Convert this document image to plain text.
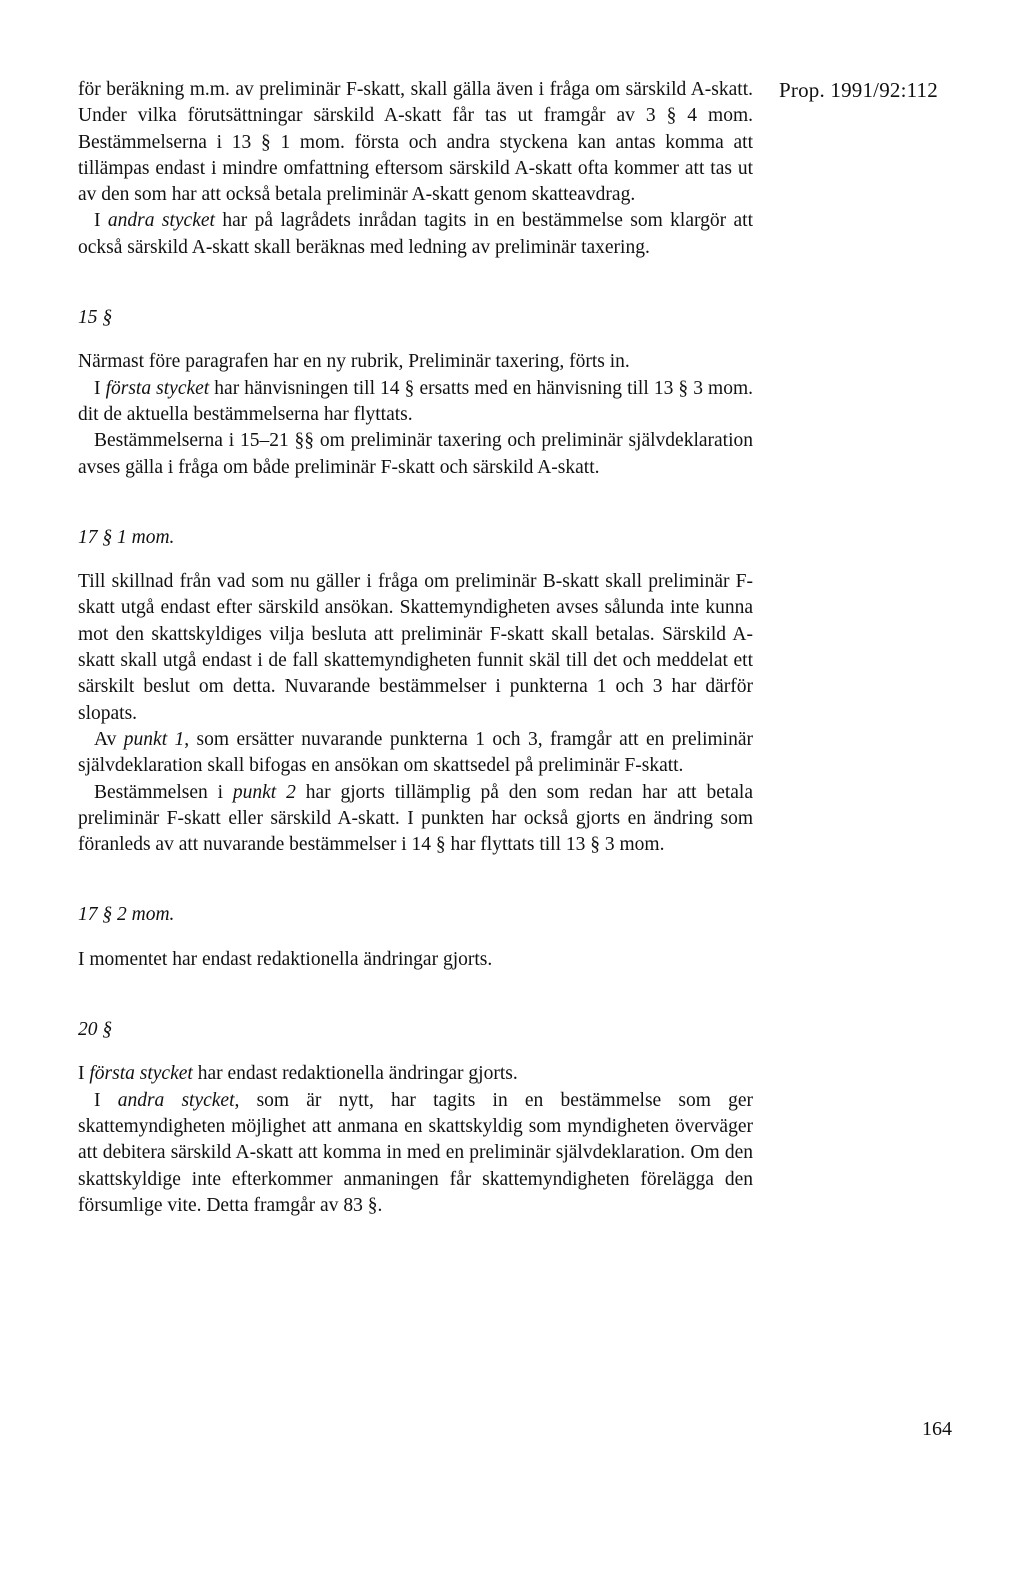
Prop. 1991/92:112

för beräkning m.m. av preliminär F-skatt, skall gälla även i fråga om särskild A-skatt. Under vilka förutsättningar särskild A-skatt får tas ut framgår av 3 § 4 mom. Bestämmelserna i 13 § 1 mom. första och andra styckena kan antas komma att tillämpas endast i mindre omfattning eftersom särskild A-skatt ofta kommer att tas ut av den som har att också betala preliminär A-skatt genom skatteavdrag.

I andra stycket har på lagrådets inrådan tagits in en bestämmelse som klargör att också särskild A-skatt skall beräknas med ledning av preliminär taxering.

15 §

Närmast före paragrafen har en ny rubrik, Preliminär taxering, förts in.

I första stycket har hänvisningen till 14 § ersatts med en hänvisning till 13 § 3 mom. dit de aktuella bestämmelserna har flyttats.

Bestämmelserna i 15–21 §§ om preliminär taxering och preliminär självdeklaration avses gälla i fråga om både preliminär F-skatt och särskild A-skatt.

17 § 1 mom.

Till skillnad från vad som nu gäller i fråga om preliminär B-skatt skall preliminär F-skatt utgå endast efter särskild ansökan. Skattemyndigheten avses sålunda inte kunna mot den skattskyldiges vilja besluta att preliminär F-skatt skall betalas. Särskild A-skatt skall utgå endast i de fall skattemyndigheten funnit skäl till det och meddelat ett särskilt beslut om detta. Nuvarande bestämmelser i punkterna 1 och 3 har därför slopats.

Av punkt 1, som ersätter nuvarande punkterna 1 och 3, framgår att en preliminär självdeklaration skall bifogas en ansökan om skattsedel på preliminär F-skatt.

Bestämmelsen i punkt 2 har gjorts tillämplig på den som redan har att betala preliminär F-skatt eller särskild A-skatt. I punkten har också gjorts en ändring som föranleds av att nuvarande bestämmelser i 14 § har flyttats till 13 § 3 mom.

17 § 2 mom.

I momentet har endast redaktionella ändringar gjorts.

20 §

I första stycket har endast redaktionella ändringar gjorts.

I andra stycket, som är nytt, har tagits in en bestämmelse som ger skattemyndigheten möjlighet att anmana en skattskyldig som myndigheten överväger att debitera särskild A-skatt att komma in med en preliminär självdeklaration. Om den skattskyldige inte efterkommer anmaningen får skattemyndigheten förelägga den försumlige vite. Detta framgår av 83 §.

164
